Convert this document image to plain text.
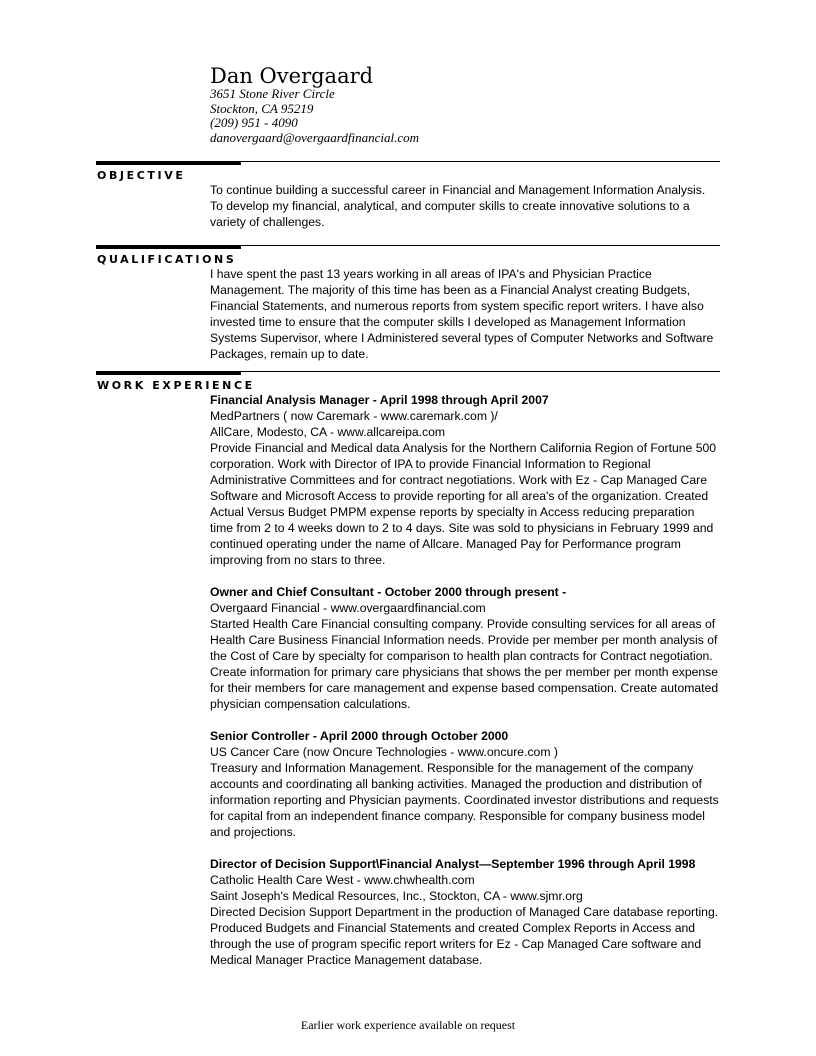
Dan Overgaard
3651 Stone River Circle
Stockton, CA 95219
(209) 951 - 4090
danovergaard@overgaardfinancial.com
OBJECTIVE

To continue building a successful career in Financial and Management Information Analysis. To develop my financial, analytical, and computer skills to create innovative solutions to a variety of challenges.

QUALIFICATIONS

I have spent the past 13 years working in all areas of IPA's and Physician Practice Management. The majority of this time has been as a Financial Analyst creating Budgets, Financial Statements, and numerous reports from system specific report writers. I have also invested time to ensure that the computer skills I developed as Management Information Systems Supervisor, where I Administered several types of Computer Networks and Software Packages, remain up to date.

WORK EXPERIENCE

Financial Analysis Manager - April 1998 through April 2007

MedPartners ( now Caremark - www.caremark.com )/

AllCare, Modesto, CA - www.allcareipa.com

Provide Financial and Medical data Analysis for the Northern California Region of Fortune 500 corporation. Work with Director of IPA to provide Financial Information to Regional Administrative Committees and for contract negotiations. Work with Ez - Cap Managed Care Software and Microsoft Access to provide reporting for all area's of the organization. Created Actual Versus Budget PMPM expense reports by specialty in Access reducing preparation time from 2 to 4 weeks down to 2 to 4 days. Site was sold to physicians in February 1999 and continued operating under the name of Allcare. Managed Pay for Performance program improving from no stars to three.

Owner and Chief Consultant - October 2000 through present -

Overgaard Financial - www.overgaardfinancial.com

Started Health Care Financial consulting company. Provide consulting services for all areas of Health Care Business Financial Information needs. Provide per member per month analysis of the Cost of Care by specialty for comparison to health plan contracts for Contract negotiation. Create information for primary care physicians that shows the per member per month expense for their members for care management and expense based compensation. Create automated physician compensation calculations.

Senior Controller - April 2000 through October 2000

US Cancer Care (now Oncure Technologies - www.oncure.com )

Treasury and Information Management. Responsible for the management of the company accounts and coordinating all banking activities. Managed the production and distribution of information reporting and Physician payments. Coordinated investor distributions and requests for capital from an independent finance company. Responsible for company business model and projections.

Director of Decision Support\Financial Analyst—September 1996 through April 1998

Catholic Health Care West - www.chwhealth.com

Saint Joseph's Medical Resources, Inc., Stockton, CA - www.sjmr.org

Directed Decision Support Department in the production of Managed Care database reporting. Produced Budgets and Financial Statements and created Complex Reports in Access and through the use of program specific report writers for Ez - Cap Managed Care software and Medical Manager Practice Management database.

Earlier work experience available on request
